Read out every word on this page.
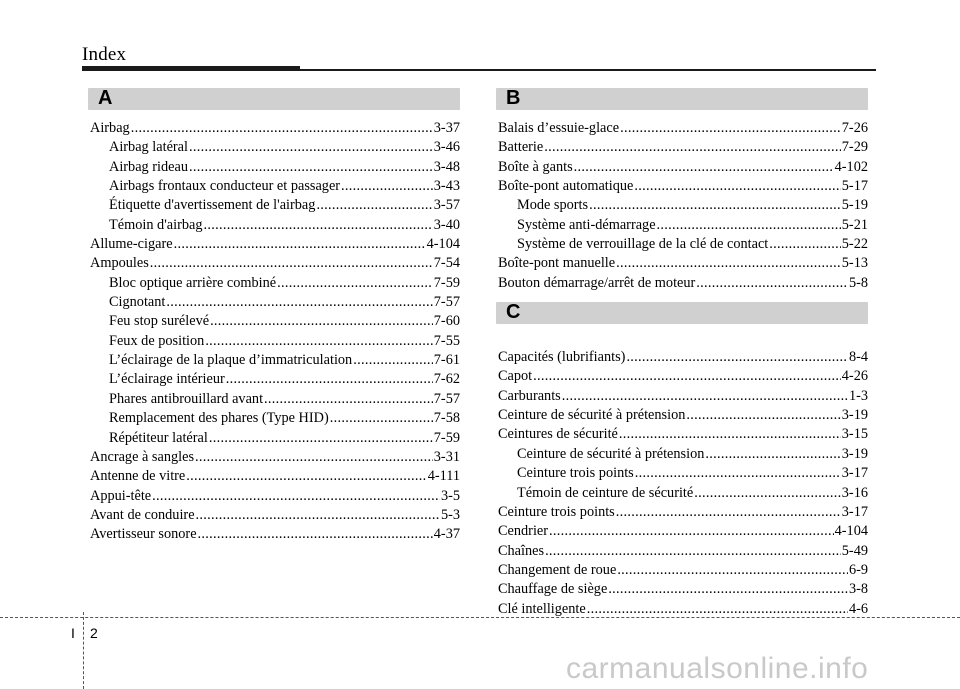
Index
A
Airbag .....	3-37
Airbag latéral .....	3-46
Airbag rideau .....	3-48
Airbags frontaux conducteur et passager .....	3-43
Étiquette d'avertissement de l'airbag .....	3-57
Témoin d'airbag .....	3-40
Allume-cigare .....	4-104
Ampoules .....	7-54
Bloc optique arrière combiné .....	7-59
Cignotant .....	7-57
Feu stop surélevé .....	7-60
Feux de position .....	7-55
L’éclairage de la plaque d’immatriculation .....	7-61
L’éclairage intérieur .....	7-62
Phares antibrouillard avant .....	7-57
Remplacement des phares (Type HID) .....	7-58
Répétiteur latéral .....	7-59
Ancrage à sangles .....	3-31
Antenne de vitre .....	4-111
Appui-tête .....	3-5
Avant de conduire .....	5-3
Avertisseur sonore .....	4-37
B
Balais d’essuie-glace .....	7-26
Batterie .....	7-29
Boîte à gants .....	4-102
Boîte-pont automatique .....	5-17
Mode sports .....	5-19
Système anti-démarrage .....	5-21
Système de verrouillage de la clé de contact .....	5-22
Boîte-pont manuelle .....	5-13
Bouton démarrage/arrêt de moteur .....	5-8
C
Capacités (lubrifiants) .....	8-4
Capot .....	4-26
Carburants .....	1-3
Ceinture de sécurité à prétension .....	3-19
Ceintures de sécurité .....	3-15
Ceinture de sécurité à prétension .....	3-19
Ceinture trois points .....	3-17
Témoin de ceinture de sécurité .....	3-16
Ceinture trois points .....	3-17
Cendrier .....	4-104
Chaînes .....	5-49
Changement de roue .....	6-9
Chauffage de siège .....	3-8
Clé intelligente .....	4-6
I 2
carmanualsonline.info
